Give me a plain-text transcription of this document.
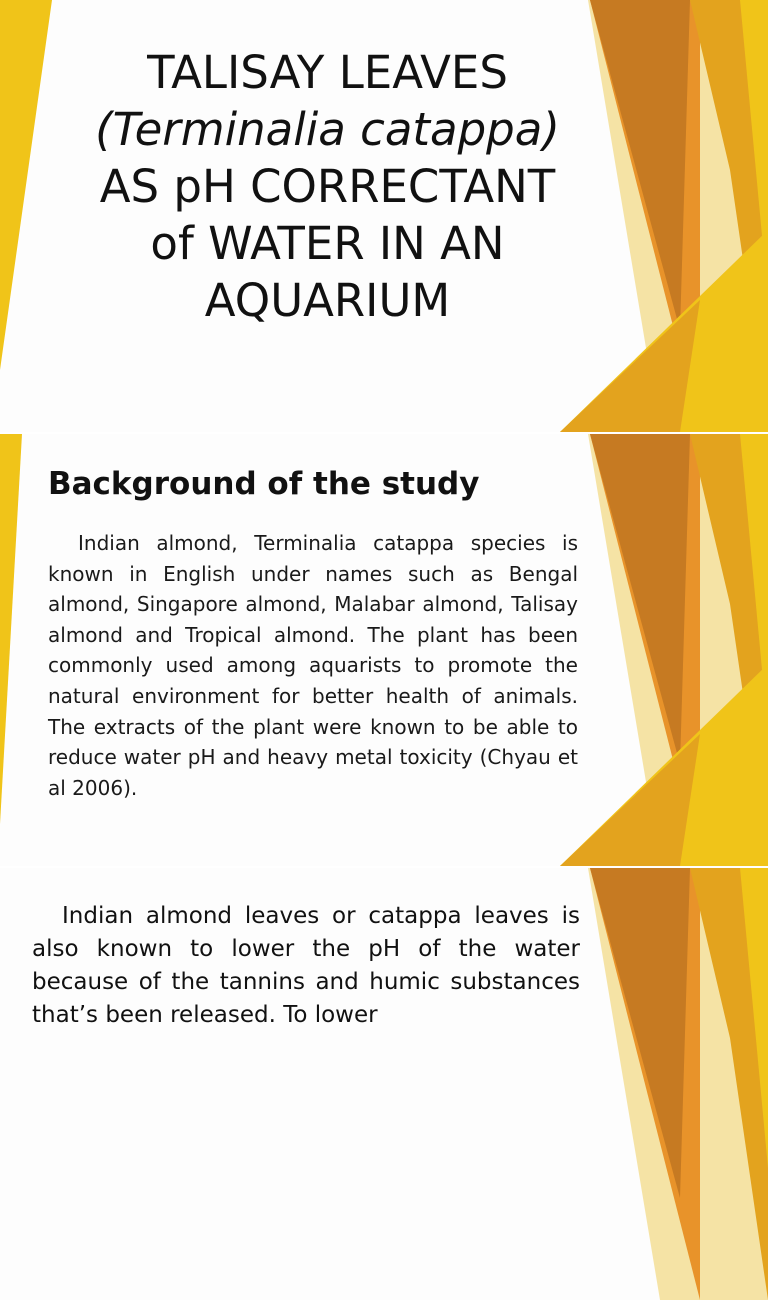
TALISAY LEAVES
(Terminalia catappa)
AS pH CORRECTANT
of WATER IN AN
AQUARIUM
Background of the study

Indian almond, Terminalia catappa species is known in English under names such as Bengal almond, Singapore almond, Malabar almond, Talisay almond and Tropical almond. The plant has been commonly used among aquarists to promote the natural environment for better health of animals. The extracts of the plant were known to be able to reduce water pH and heavy metal toxicity (Chyau et al 2006).

Indian almond leaves or catappa leaves is also known to lower the pH of the water because of the tannins and humic substances that’s been released. To lower
